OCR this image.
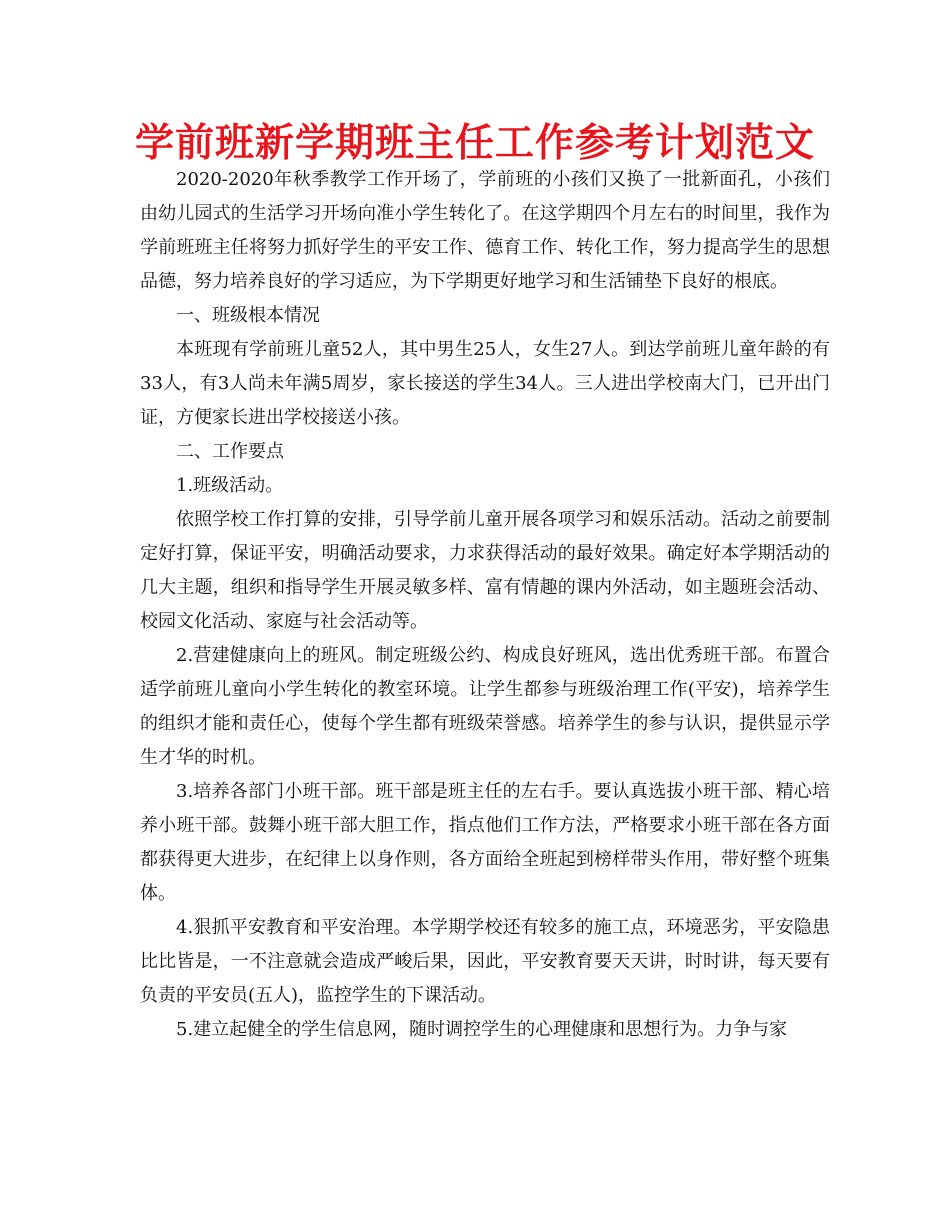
学前班新学期班主任工作参考计划范文

2020-2020年秋季教学工作开场了，学前班的小孩们又换了一批新面孔，小孩们由幼儿园式的生活学习开场向准小学生转化了。在这学期四个月左右的时间里，我作为学前班班主任将努力抓好学生的平安工作、德育工作、转化工作，努力提高学生的思想品德，努力培养良好的学习适应，为下学期更好地学习和生活铺垫下良好的根底。

一、班级根本情况

本班现有学前班儿童52人，其中男生25人，女生27人。到达学前班儿童年龄的有33人，有3人尚未年满5周岁，家长接送的学生34人。三人进出学校南大门，已开出门证，方便家长进出学校接送小孩。

二、工作要点

1.班级活动。

依照学校工作打算的安排，引导学前儿童开展各项学习和娱乐活动。活动之前要制定好打算，保证平安，明确活动要求，力求获得活动的最好效果。确定好本学期活动的几大主题，组织和指导学生开展灵敏多样、富有情趣的课内外活动，如主题班会活动、校园文化活动、家庭与社会活动等。

2.营建健康向上的班风。制定班级公约、构成良好班风，选出优秀班干部。布置合适学前班儿童向小学生转化的教室环境。让学生都参与班级治理工作(平安)，培养学生的组织才能和责任心，使每个学生都有班级荣誉感。培养学生的参与认识，提供显示学生才华的时机。

3.培养各部门小班干部。班干部是班主任的左右手。要认真选拔小班干部、精心培养小班干部。鼓舞小班干部大胆工作，指点他们工作方法，严格要求小班干部在各方面都获得更大进步，在纪律上以身作则，各方面给全班起到榜样带头作用，带好整个班集体。

4.狠抓平安教育和平安治理。本学期学校还有较多的施工点，环境恶劣，平安隐患比比皆是，一不注意就会造成严峻后果，因此，平安教育要天天讲，时时讲，每天要有负责的平安员(五人)，监控学生的下课活动。

5.建立起健全的学生信息网，随时调控学生的心理健康和思想行为。力争与家
